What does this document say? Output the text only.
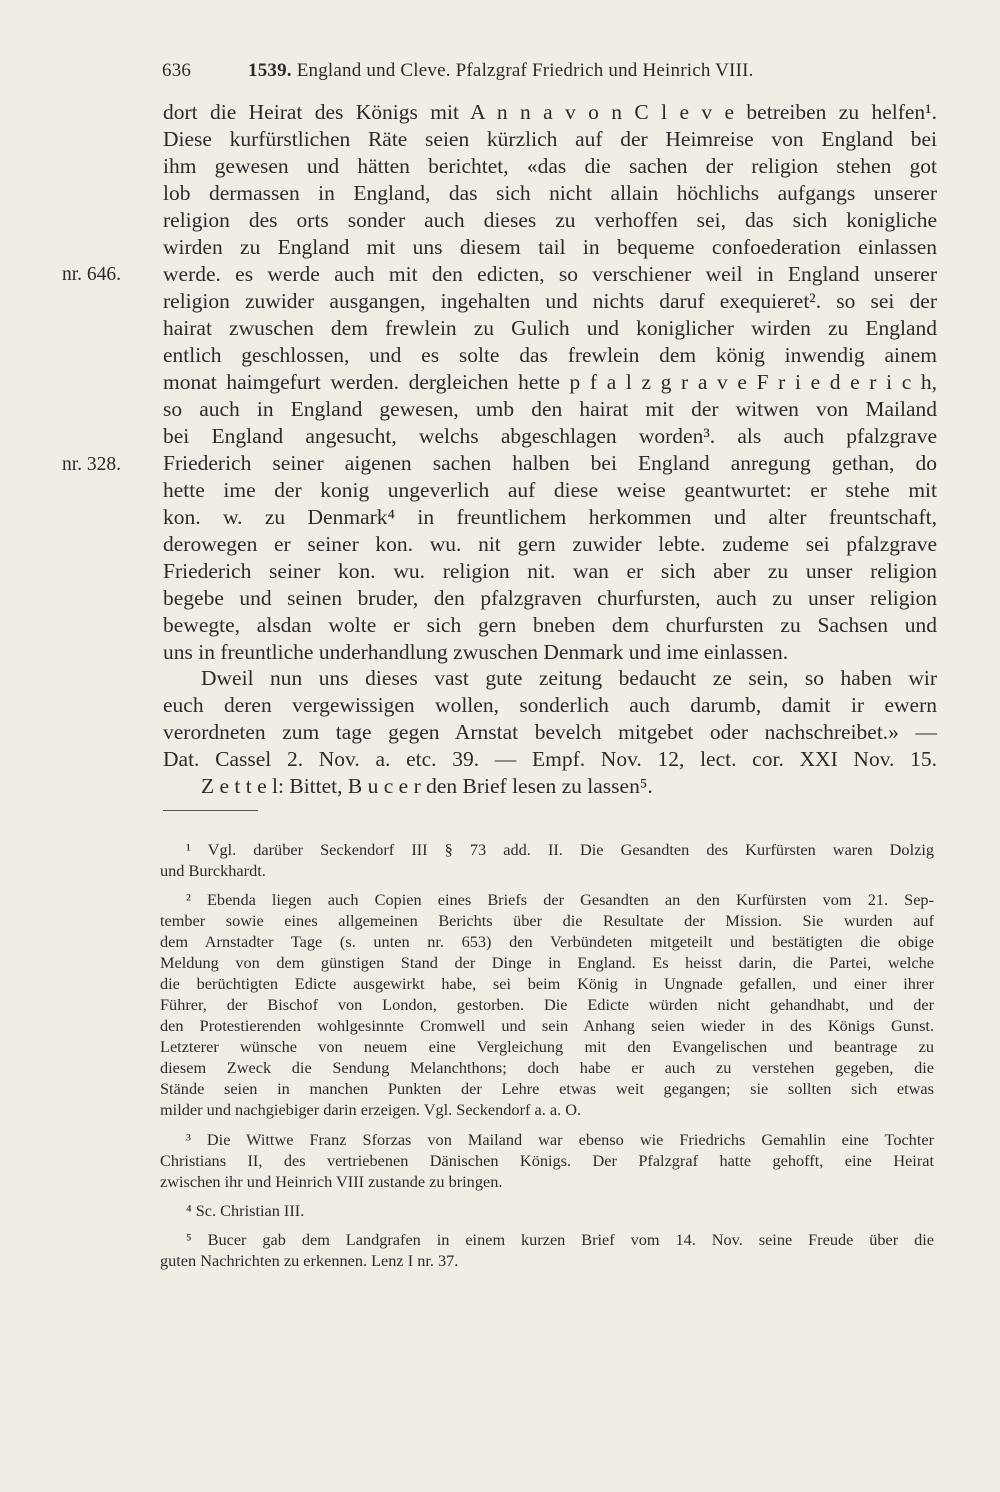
636	1539. England und Cleve. Pfalzgraf Friedrich und Heinrich VIII.
nr. 646.
nr. 328.
dort die Heirat des Königs mit A n n a v o n C l e v e betreiben zu helfen¹.
Diese kurfürstlichen Räte seien kürzlich auf der Heimreise von England bei
ihm gewesen und hätten berichtet, «das die sachen der religion stehen got
lob dermassen in England, das sich nicht allain höchlichs aufgangs unserer
religion des orts sonder auch dieses zu verhoffen sei, das sich konigliche
wirden zu England mit uns diesem tail in bequeme confoederation einlassen
werde. es werde auch mit den edicten, so verschiener weil in England unserer
religion zuwider ausgangen, ingehalten und nichts daruf exequieret². so sei der
hairat zwuschen dem frewlein zu Gulich und koniglicher wirden zu England
entlich geschlossen, und es solte das frewlein dem könig inwendig ainem
monat haimgefurt werden. dergleichen hette p f a l z g r a v e F r i e d e r i c h,
so auch in England gewesen, umb den hairat mit der witwen von Mailand
bei England angesucht, welchs abgeschlagen worden³. als auch pfalzgrave
Friederich seiner aigenen sachen halben bei England anregung gethan, do
hette ime der konig ungeverlich auf diese weise geantwurtet: er stehe mit
kon. w. zu Denmark⁴ in freuntlichem herkommen und alter freuntschaft,
derowegen er seiner kon. wu. nit gern zuwider lebte. zudeme sei pfalzgrave
Friederich seiner kon. wu. religion nit. wan er sich aber zu unser religion
begebe und seinen bruder, den pfalzgraven churfursten, auch zu unser religion
bewegte, alsdan wolte er sich gern bneben dem churfursten zu Sachsen und
uns in freuntliche underhandlung zwuschen Denmark und ime einlassen.
Dweil nun uns dieses vast gute zeitung bedaucht ze sein, so haben wir
euch deren vergewissigen wollen, sonderlich auch darumb, damit ir ewern
verordneten zum tage gegen Arnstat bevelch mitgebet oder nachschreibet.» —
Dat. Cassel 2. Nov. a. etc. 39. — Empf. Nov. 12, lect. cor. XXI Nov. 15.
Z e t t e l: Bittet, B u c e r den Brief lesen zu lassen⁵.
¹ Vgl. darüber Seckendorf III § 73 add. II. Die Gesandten des Kurfürsten waren Dolzig
und Burckhardt.
² Ebenda liegen auch Copien eines Briefs der Gesandten an den Kurfürsten vom 21. Sep-
tember sowie eines allgemeinen Berichts über die Resultate der Mission. Sie wurden auf
dem Arnstadter Tage (s. unten nr. 653) den Verbündeten mitgeteilt und bestätigten die obige
Meldung von dem günstigen Stand der Dinge in England. Es heisst darin, die Partei, welche
die berüchtigten Edicte ausgewirkt habe, sei beim König in Ungnade gefallen, und einer ihrer
Führer, der Bischof von London, gestorben. Die Edicte würden nicht gehandhabt, und der
den Protestierenden wohlgesinnte Cromwell und sein Anhang seien wieder in des Königs Gunst.
Letzterer wünsche von neuem eine Vergleichung mit den Evangelischen und beantrage zu
diesem Zweck die Sendung Melanchthons; doch habe er auch zu verstehen gegeben, die
Stände seien in manchen Punkten der Lehre etwas weit gegangen; sie sollten sich etwas
milder und nachgiebiger darin erzeigen. Vgl. Seckendorf a. a. O.
³ Die Wittwe Franz Sforzas von Mailand war ebenso wie Friedrichs Gemahlin eine Tochter
Christians II, des vertriebenen Dänischen Königs. Der Pfalzgraf hatte gehofft, eine Heirat
zwischen ihr und Heinrich VIII zustande zu bringen.
⁴ Sc. Christian III.
⁵ Bucer gab dem Landgrafen in einem kurzen Brief vom 14. Nov. seine Freude über die
guten Nachrichten zu erkennen. Lenz I nr. 37.
